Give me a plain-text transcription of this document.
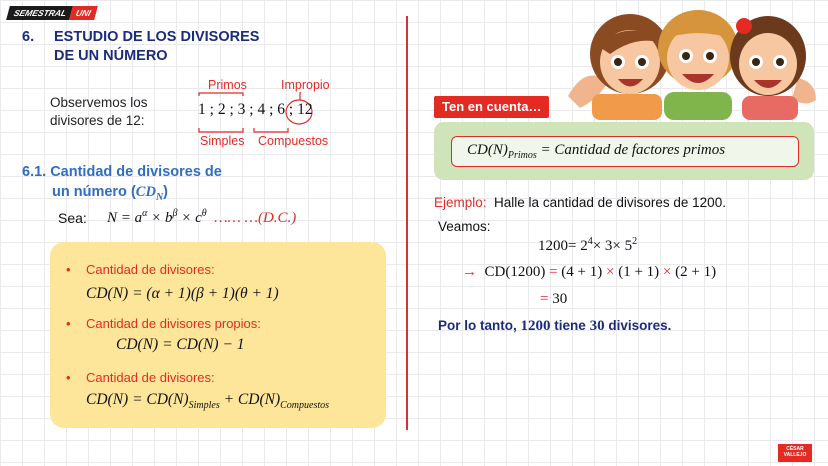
SEMESTRAL UNI
6. ESTUDIO DE LOS DIVISORES
DE UN NÚMERO
Observemos los
divisores de 12:
Primos	Impropio
Simples Compuestos
1 ; 2 ; 3 ; 4 ; 6 ; 12
6.1. Cantidad de divisores de
un número $(CD_N)$
Sea: $N = a^\alpha \times b^\beta \times c^\theta$ …… …(D.C.)
• Cantidad de divisores:
CD(N) = (α + 1)(β + 1)(θ + 1)
• Cantidad de divisores propios:
CD(N) = CD(N) − 1
• Cantidad de divisores:
$CD(N) = CD(N)_{Simples} + CD(N)_{Compuestos}$
Ten en cuenta…
$CD(N)_{Primos}$ = Cantidad de factores primos
Ejemplo: Halle la cantidad de divisores de 1200.
Veamos:
$1200= 2^4\times 3\times 5^2$
→ CD(1200) = (4 + 1) × (1 + 1) × (2 + 1)
= 30
Por lo tanto, 1200 tiene 30 divisores.
CÉSAR
VALLEJO
